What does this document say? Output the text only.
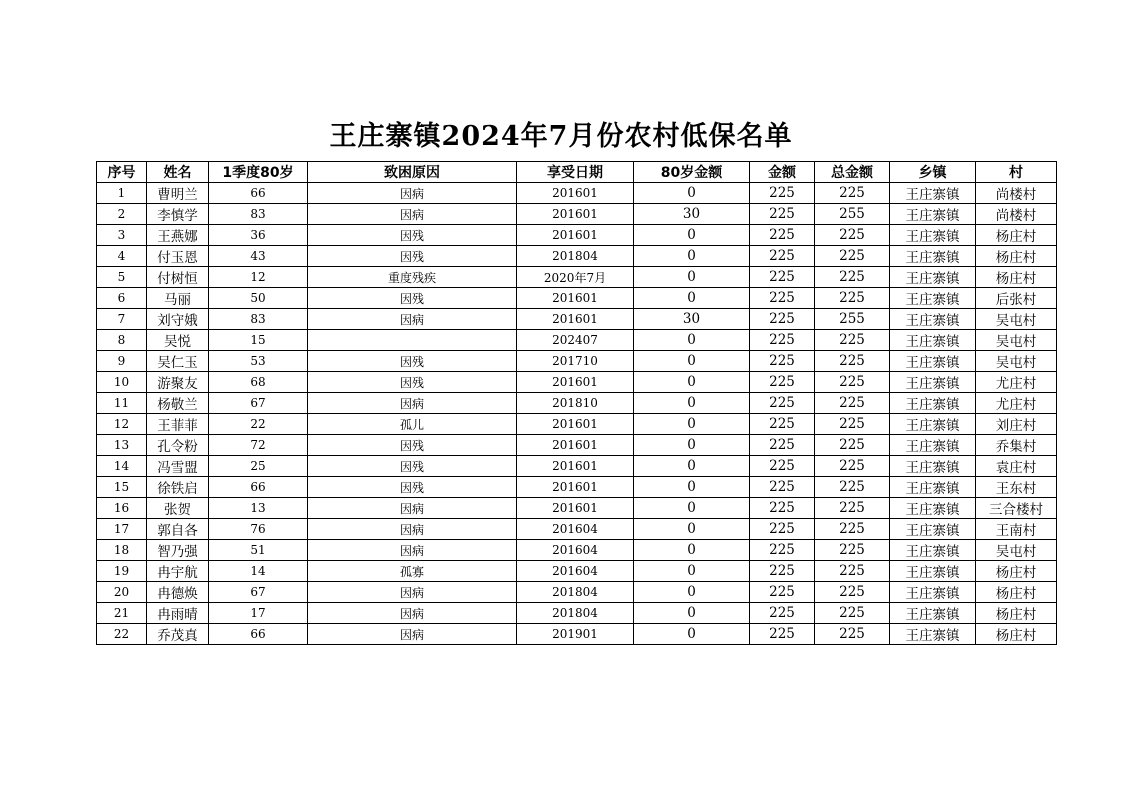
王庄寨镇2024年7月份农村低保名单
序号	姓名	1季度80岁	致困原因	享受日期	80岁金额	金额	总金额	乡镇	村
1	曹明兰	66	因病	201601	0	225	225	王庄寨镇	尚楼村
2	李慎学	83	因病	201601	30	225	255	王庄寨镇	尚楼村
3	王燕娜	36	因残	201601	0	225	225	王庄寨镇	杨庄村
4	付玉恩	43	因残	201804	0	225	225	王庄寨镇	杨庄村
5	付树恒	12	重度残疾	2020年7月	0	225	225	王庄寨镇	杨庄村
6	马丽	50	因残	201601	0	225	225	王庄寨镇	后张村
7	刘守娥	83	因病	201601	30	225	255	王庄寨镇	吴屯村
8	吴悦	15		202407	0	225	225	王庄寨镇	吴屯村
9	吴仁玉	53	因残	201710	0	225	225	王庄寨镇	吴屯村
10	游聚友	68	因残	201601	0	225	225	王庄寨镇	尤庄村
11	杨敬兰	67	因病	201810	0	225	225	王庄寨镇	尤庄村
12	王菲菲	22	孤儿	201601	0	225	225	王庄寨镇	刘庄村
13	孔令粉	72	因残	201601	0	225	225	王庄寨镇	乔集村
14	冯雪盟	25	因残	201601	0	225	225	王庄寨镇	袁庄村
15	徐铁启	66	因残	201601	0	225	225	王庄寨镇	王东村
16	张贺	13	因病	201601	0	225	225	王庄寨镇	三合楼村
17	郭自各	76	因病	201604	0	225	225	王庄寨镇	王南村
18	智乃强	51	因病	201604	0	225	225	王庄寨镇	吴屯村
19	冉宇航	14	孤寡	201604	0	225	225	王庄寨镇	杨庄村
20	冉德焕	67	因病	201804	0	225	225	王庄寨镇	杨庄村
21	冉雨晴	17	因病	201804	0	225	225	王庄寨镇	杨庄村
22	乔茂真	66	因病	201901	0	225	225	王庄寨镇	杨庄村
